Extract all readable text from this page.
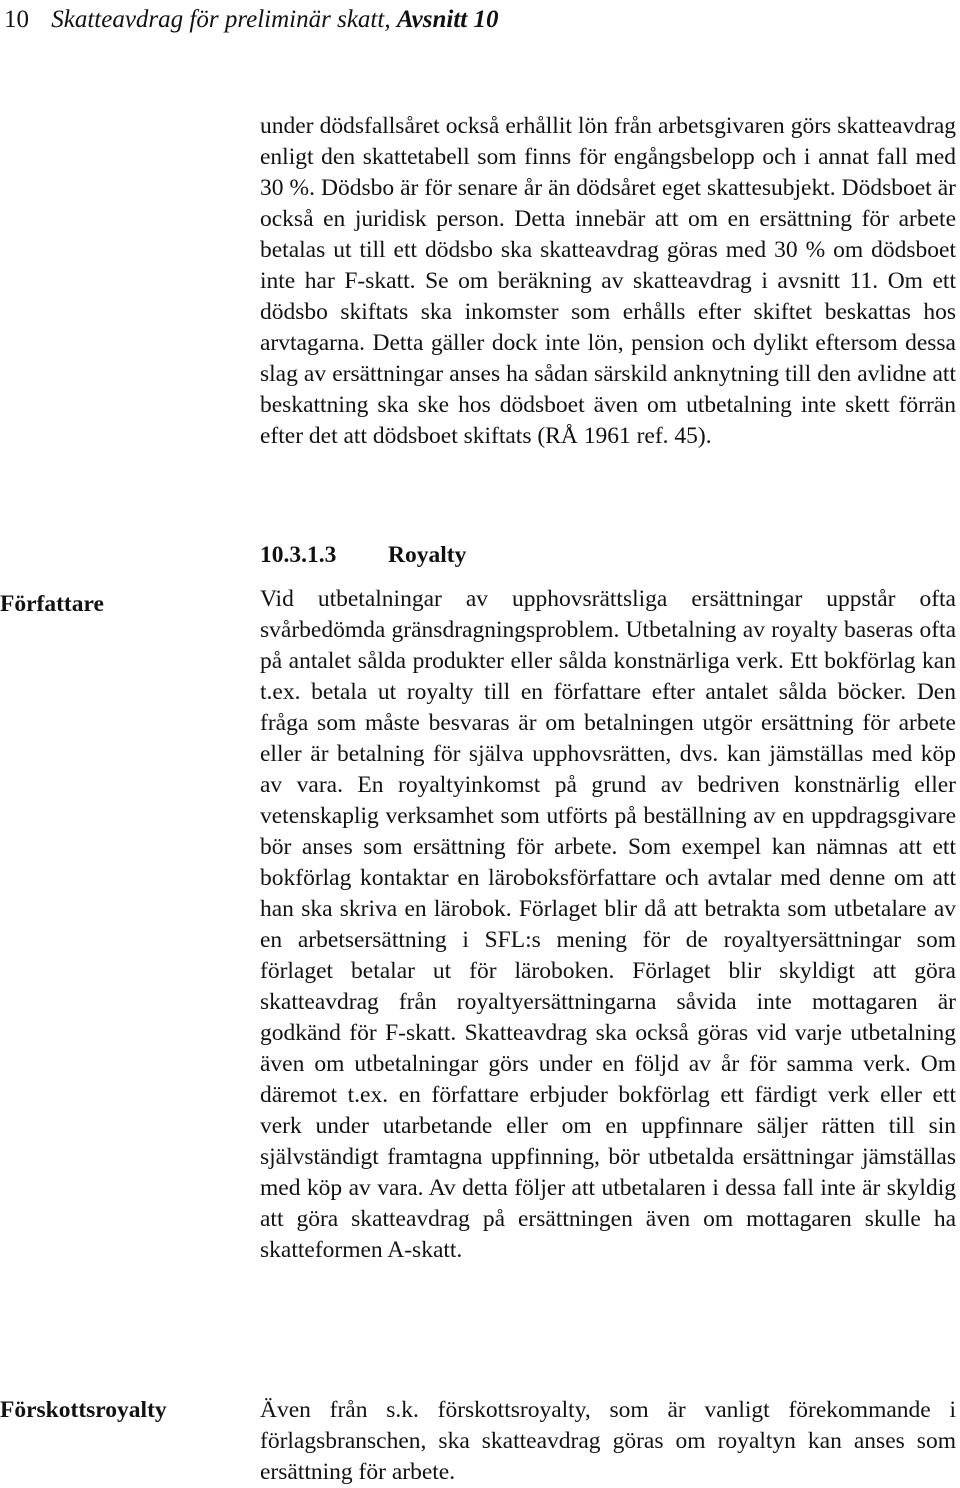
10 Skatteavdrag för preliminär skatt, Avsnitt 10

under dödsfallsåret också erhållit lön från arbetsgivaren görs skatteavdrag enligt den skattetabell som finns för engångsbelopp och i annat fall med 30 %. Dödsbo är för senare år än dödsåret eget skattesubjekt. Dödsboet är också en juridisk person. Detta innebär att om en ersättning för arbete betalas ut till ett dödsbo ska skatteavdrag göras med 30 % om dödsboet inte har F-skatt. Se om beräkning av skatteavdrag i avsnitt 11. Om ett dödsbo skiftats ska inkomster som erhålls efter skiftet beskattas hos arvtagarna. Detta gäller dock inte lön, pension och dylikt eftersom dessa slag av ersättningar anses ha sådan särskild anknytning till den avlidne att beskattning ska ske hos dödsboet även om utbetalning inte skett förrän efter det att dödsboet skiftats (RÅ 1961 ref. 45).

10.3.1.3 Royalty
Författare	Vid utbetalningar av upphovsrättsliga ersättningar uppstår ofta svårbedömda gränsdragningsproblem. Utbetalning av royalty baseras ofta på antalet sålda produkter eller sålda konstnärliga verk. Ett bokförlag kan t.ex. betala ut royalty till en författare efter antalet sålda böcker. Den fråga som måste besvaras är om betalningen utgör ersättning för arbete eller är betalning för själva upphovsrätten, dvs. kan jämställas med köp av vara. En royaltyinkomst på grund av bedriven konstnärlig eller vetenskaplig verksamhet som utförts på beställning av en uppdragsgivare bör anses som ersättning för arbete. Som exempel kan nämnas att ett bokförlag kontaktar en läroboksförfattare och avtalar med denne om att han ska skriva en lärobok. Förlaget blir då att betrakta som utbetalare av en arbetsersättning i SFL:s mening för de royaltyersättningar som förlaget betalar ut för läroboken. Förlaget blir skyldigt att göra skatteavdrag från royaltyersättningarna såvida inte mottagaren är godkänd för F-skatt. Skatteavdrag ska också göras vid varje utbetalning även om utbetalningar görs under en följd av år för samma verk. Om däremot t.ex. en författare erbjuder bokförlag ett färdigt verk eller ett verk under utarbetande eller om en uppfinnare säljer rätten till sin självständigt framtagna uppfinning, bör utbetalda ersättningar jämställas med köp av vara. Av detta följer att utbetalaren i dessa fall inte är skyldig att göra skatteavdrag på ersättningen även om mottagaren skulle ha skatteformen A-skatt.

Förskottsroyalty	Även från s.k. förskottsroyalty, som är vanligt förekommande i förlagsbranschen, ska skatteavdrag göras om royaltyn kan anses som ersättning för arbete.
